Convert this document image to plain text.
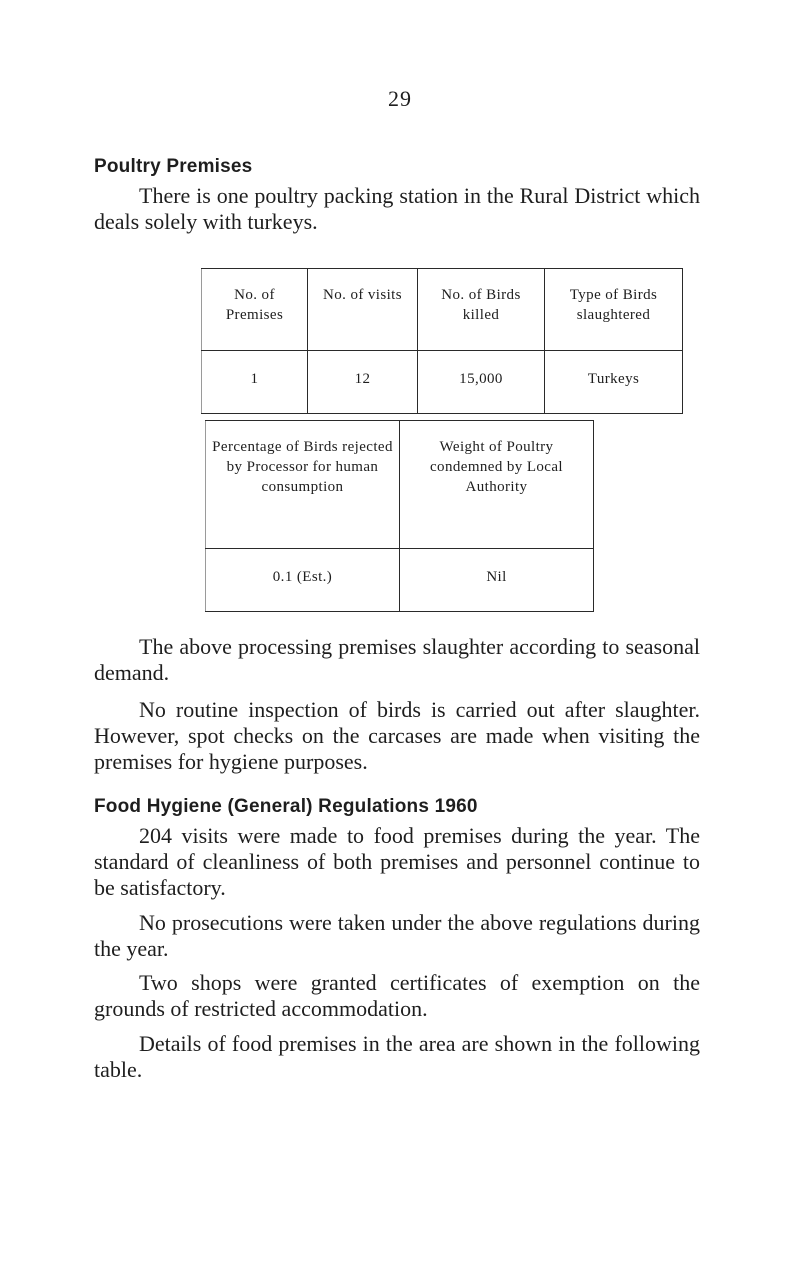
29
Poultry Premises

There is one poultry packing station in the Rural District which deals solely with turkeys.

No. of Premises	No. of visits	No. of Birds killed	Type of Birds slaughtered
1	12	15,000	Turkeys
Percentage of Birds rejected by Processor for human consumption	Weight of Poultry condemned by Local Authority
0.1 (Est.)	Nil

The above processing premises slaughter according to seasonal demand.

No routine inspection of birds is carried out after slaughter. However, spot checks on the carcases are made when visiting the premises for hygiene purposes.

Food Hygiene (General) Regulations 1960

204 visits were made to food premises during the year. The standard of cleanliness of both premises and personnel continue to be satisfactory.

No prosecutions were taken under the above regulations during the year.

Two shops were granted certificates of exemption on the grounds of restricted accommodation.

Details of food premises in the area are shown in the following table.
